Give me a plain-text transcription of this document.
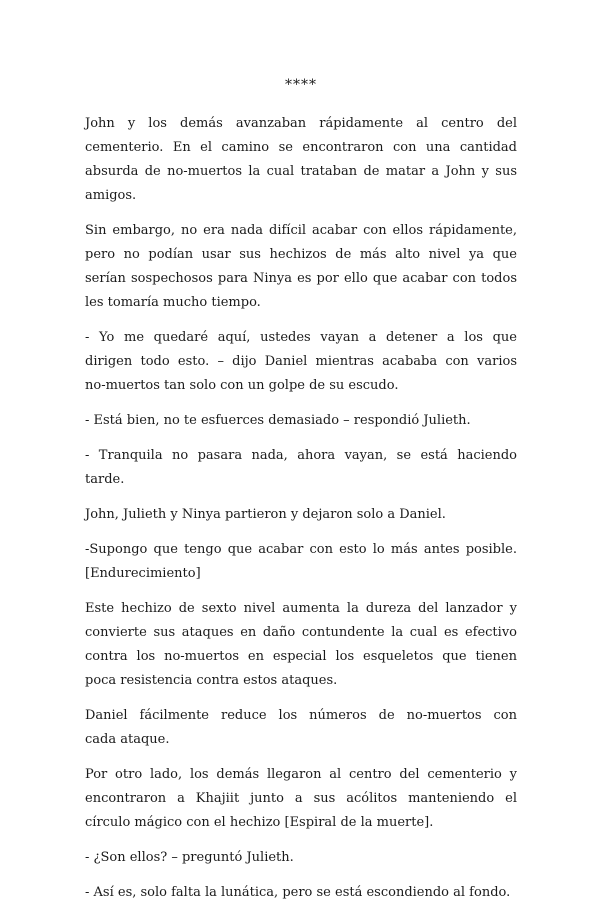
****

John y los demás avanzaban rápidamente al centro del
cementerio. En el camino se encontraron con una cantidad
absurda de no-muertos la cual trataban de matar a John y sus
amigos.

Sin embargo, no era nada difícil acabar con ellos rápidamente,
pero no podían usar sus hechizos de más alto nivel ya que
serían sospechosos para Ninya es por ello que acabar con todos
les tomaría mucho tiempo.

- Yo me quedaré aquí, ustedes vayan a detener a los que
dirigen todo esto. – dijo Daniel mientras acababa con varios
no-muertos tan solo con un golpe de su escudo.

- Está bien, no te esfuerces demasiado – respondió Julieth.

- Tranquila no pasara nada, ahora vayan, se está haciendo
tarde.

John, Julieth y Ninya partieron y dejaron solo a Daniel.

-Supongo que tengo que acabar con esto lo más antes posible.
[Endurecimiento]

Este hechizo de sexto nivel aumenta la dureza del lanzador y
convierte sus ataques en daño contundente la cual es efectivo
contra los no-muertos en especial los esqueletos que tienen
poca resistencia contra estos ataques.

Daniel fácilmente reduce los números de no-muertos con
cada ataque.

Por otro lado, los demás llegaron al centro del cementerio y
encontraron a Khajiit junto a sus acólitos manteniendo el
círculo mágico con el hechizo [Espiral de la muerte].

- ¿Son ellos? – preguntó Julieth.

- Así es, solo falta la lunática, pero se está escondiendo al fondo.
